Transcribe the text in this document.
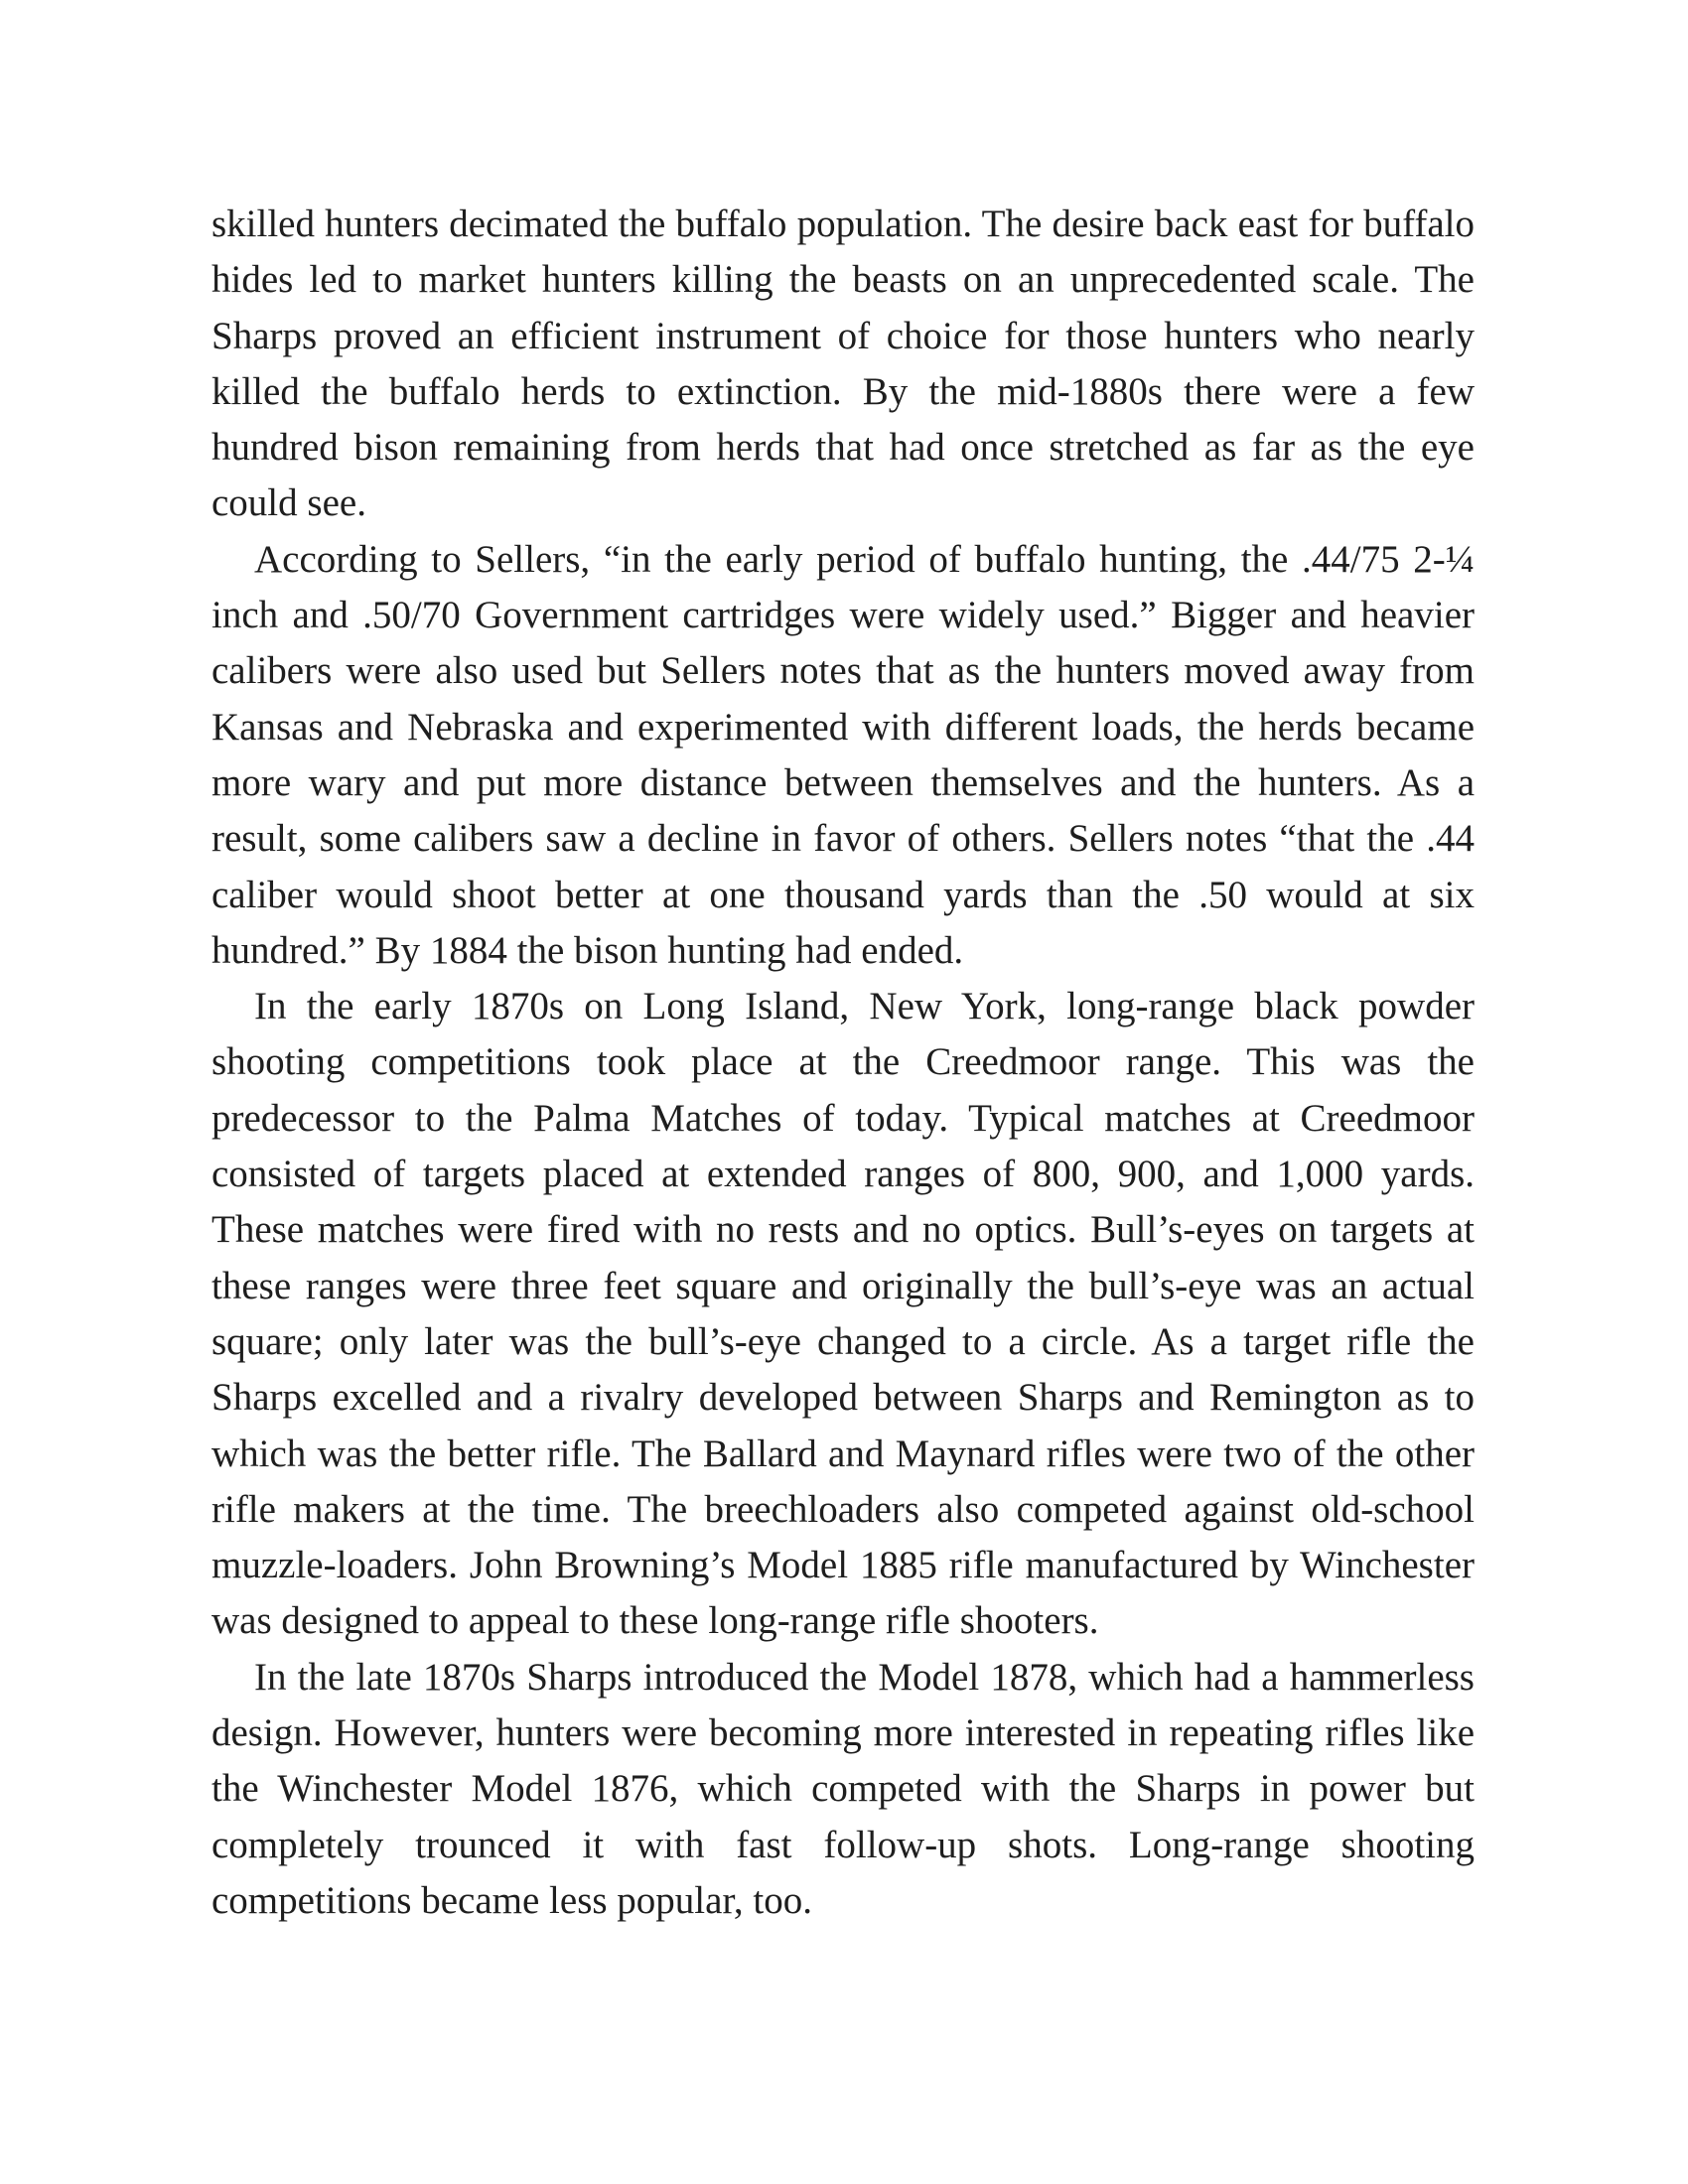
skilled hunters decimated the buffalo population. The desire back east for buffalo hides led to market hunters killing the beasts on an unprecedented scale. The Sharps proved an efficient instrument of choice for those hunters who nearly killed the buffalo herds to extinction. By the mid-1880s there were a few hundred bison remaining from herds that had once stretched as far as the eye could see.

According to Sellers, “in the early period of buffalo hunting, the .44/75 2-¼ inch and .50/70 Government cartridges were widely used.” Bigger and heavier calibers were also used but Sellers notes that as the hunters moved away from Kansas and Nebraska and experimented with different loads, the herds became more wary and put more distance between themselves and the hunters. As a result, some calibers saw a decline in favor of others. Sellers notes “that the .44 caliber would shoot better at one thousand yards than the .50 would at six hundred.” By 1884 the bison hunting had ended.

In the early 1870s on Long Island, New York, long-range black powder shooting competitions took place at the Creedmoor range. This was the predecessor to the Palma Matches of today. Typical matches at Creedmoor consisted of targets placed at extended ranges of 800, 900, and 1,000 yards. These matches were fired with no rests and no optics. Bull’s-eyes on targets at these ranges were three feet square and originally the bull’s-eye was an actual square; only later was the bull’s-eye changed to a circle. As a target rifle the Sharps excelled and a rivalry developed between Sharps and Remington as to which was the better rifle. The Ballard and Maynard rifles were two of the other rifle makers at the time. The breechloaders also competed against old-school muzzle-loaders. John Browning’s Model 1885 rifle manufactured by Winchester was designed to appeal to these long-range rifle shooters.

In the late 1870s Sharps introduced the Model 1878, which had a hammerless design. However, hunters were becoming more interested in repeating rifles like the Winchester Model 1876, which competed with the Sharps in power but completely trounced it with fast follow-up shots. Long-range shooting competitions became less popular, too.
